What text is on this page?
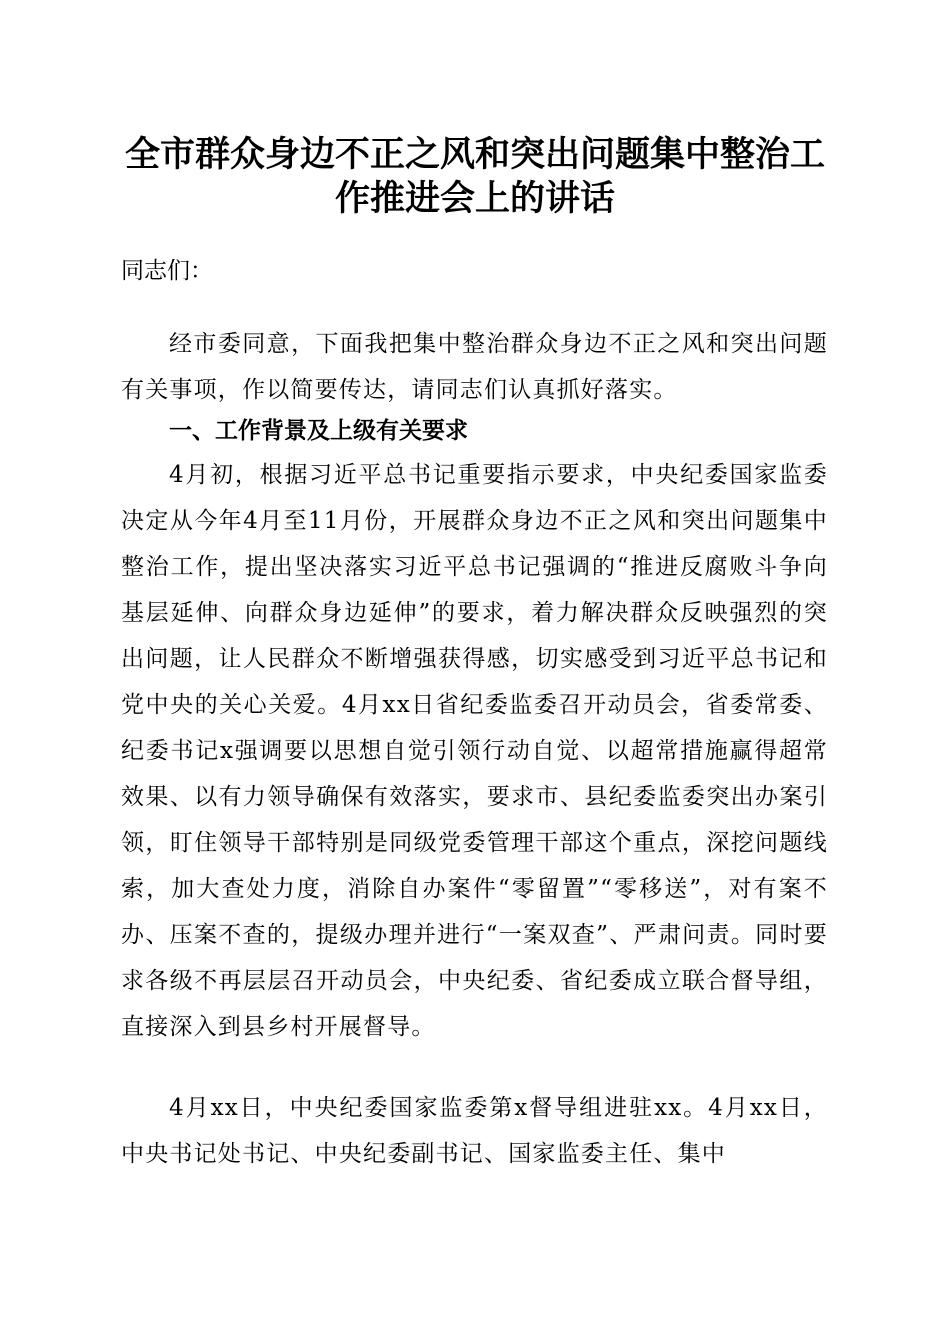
全市群众身边不正之风和突出问题集中整治工作推进会上的讲话

同志们：

经市委同意，下面我把集中整治群众身边不正之风和突出问题有关事项，作以简要传达，请同志们认真抓好落实。

一、工作背景及上级有关要求

4月初，根据习近平总书记重要指示要求，中央纪委国家监委决定从今年4月至11月份，开展群众身边不正之风和突出问题集中整治工作，提出坚决落实习近平总书记强调的“推进反腐败斗争向基层延伸、向群众身边延伸”的要求，着力解决群众反映强烈的突出问题，让人民群众不断增强获得感，切实感受到习近平总书记和党中央的关心关爱。4月xx日省纪委监委召开动员会，省委常委、纪委书记x强调要以思想自觉引领行动自觉、以超常措施赢得超常效果、以有力领导确保有效落实，要求市、县纪委监委突出办案引领，盯住领导干部特别是同级党委管理干部这个重点，深挖问题线索，加大查处力度，消除自办案件“零留置”“零移送”，对有案不办、压案不查的，提级办理并进行“一案双查”、严肃问责。同时要求各级不再层层召开动员会，中央纪委、省纪委成立联合督导组，直接深入到县乡村开展督导。

4月xx日，中央纪委国家监委第x督导组进驻xx。4月xx日，中央书记处书记、中央纪委副书记、国家监委主任、集中
